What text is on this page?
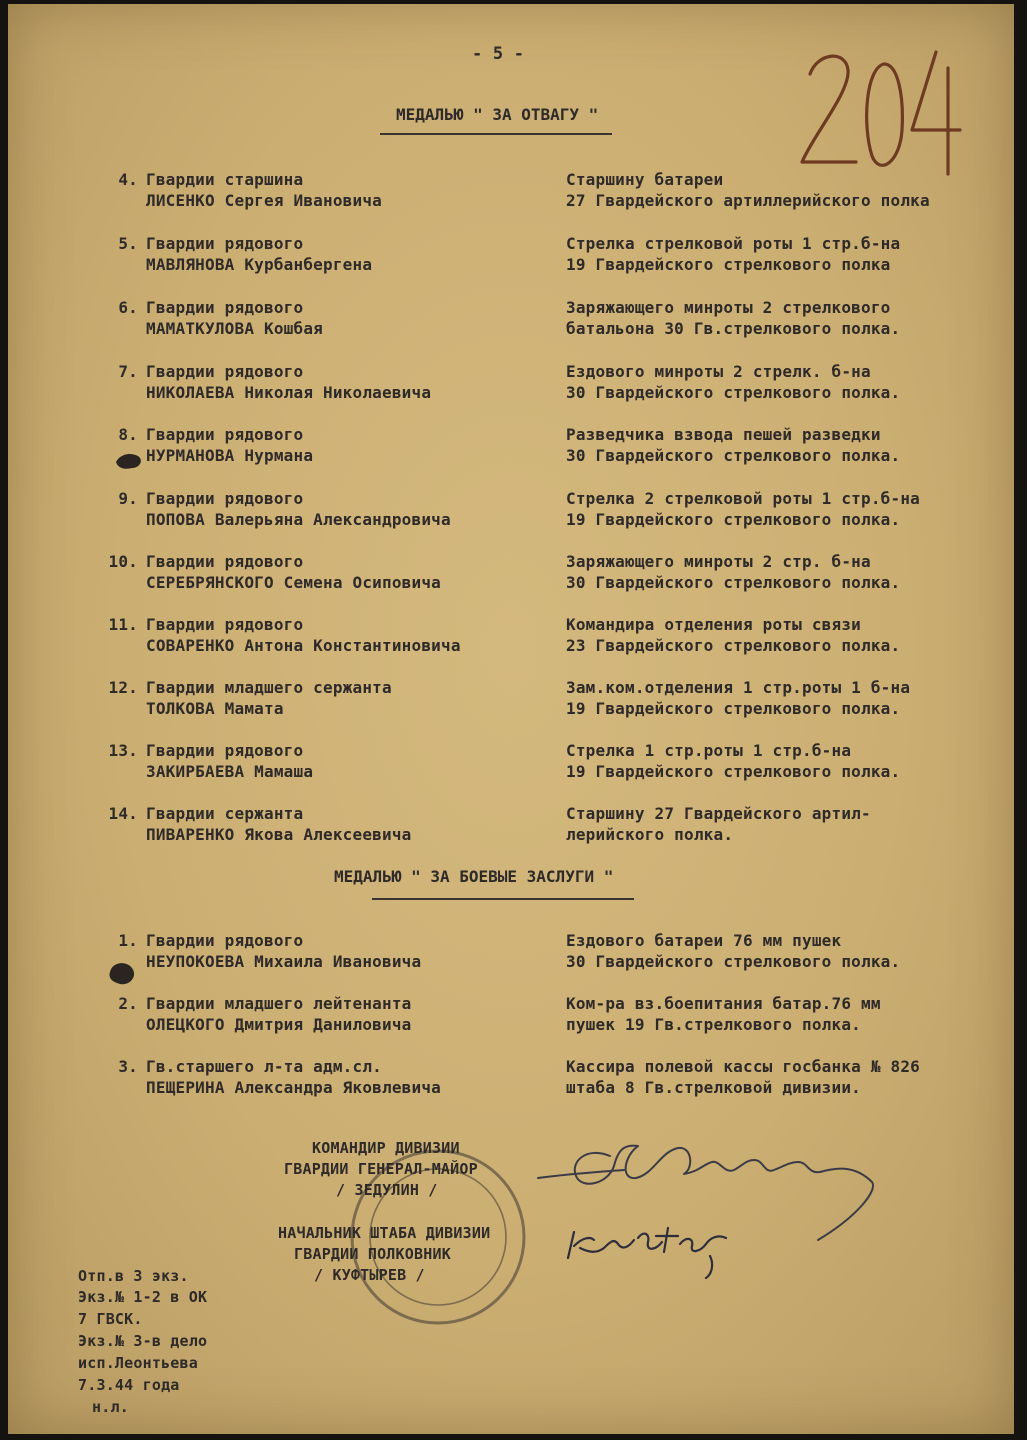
- 5 -
МЕДАЛЬЮ " ЗА ОТВАГУ "
4. Гвардии старшина
ЛИСЕНКО Сергея Ивановича
Старшину батареи
27 Гвардейского артиллерийского полка
5. Гвардии рядового
МАВЛЯНОВА Курбанбергена
Стрелка стрелковой роты 1 стр.б-на
19 Гвардейского стрелкового полка
6. Гвардии рядового
МАМАТКУЛОВА Кошбая
Заряжающего минроты 2 стрелкового
батальона 30 Гв.стрелкового полка.
7. Гвардии рядового
НИКОЛАЕВА Николая Николаевича
Ездового минроты 2 стрелк. б-на
30 Гвардейского стрелкового полка.
8. Гвардии рядового
НУРМАНОВА Нурмана
Разведчика взвода пешей разведки
30 Гвардейского стрелкового полка.
9. Гвардии рядового
ПОПОВА Валерьяна Александровича
Стрелка 2 стрелковой роты 1 стр.б-на
19 Гвардейского стрелкового полка.
10. Гвардии рядового
СЕРЕБРЯНСКОГО Семена Осиповича
Заряжающего минроты 2 стр. б-на
30 Гвардейского стрелкового полка.
11. Гвардии рядового
СОВАРЕНКО Антона Константиновича
Командира отделения роты связи
23 Гвардейского стрелкового полка.
12. Гвардии младшего сержанта
ТОЛКОВА Мамата
Зам.ком.отделения 1 стр.роты 1 б-на
19 Гвардейского стрелкового полка.
13. Гвардии рядового
ЗАКИРБАЕВА Мамаша
Стрелка 1 стр.роты 1 стр.б-на
19 Гвардейского стрелкового полка.
14. Гвардии сержанта
ПИВАРЕНКО Якова Алексеевича
Старшину 27 Гвардейского артил-
лерийского полка.
МЕДАЛЬЮ " ЗА БОЕВЫЕ ЗАСЛУГИ "
1. Гвардии рядового
НЕУПОКОЕВА Михаила Ивановича
Ездового батареи 76 мм пушек
30 Гвардейского стрелкового полка.
2. Гвардии младшего лейтенанта
ОЛЕЦКОГО Дмитрия Даниловича
Ком-ра вз.боепитания батар.76 мм
пушек 19 Гв.стрелкового полка.
3. Гв.старшего л-та адм.сл.
ПЕЩЕРИНА Александра Яковлевича
Кассира полевой кассы госбанка № 826
штаба 8 Гв.стрелковой дивизии.
КОМАНДИР ДИВИЗИИ
ГВАРДИИ ГЕНЕРАЛ-МАЙОР
/ ЗЕДУЛИН /
НАЧАЛЬНИК ШТАБА ДИВИЗИИ
ГВАРДИИ ПОЛКОВНИК
/ КУФТЫРЕВ /
Отп.в 3 экз.
Экз.№ 1-2 в ОК
7 ГВСК.
Экз.№ 3-в дело
исп.Леонтьева
7.3.44 года
н.л.
